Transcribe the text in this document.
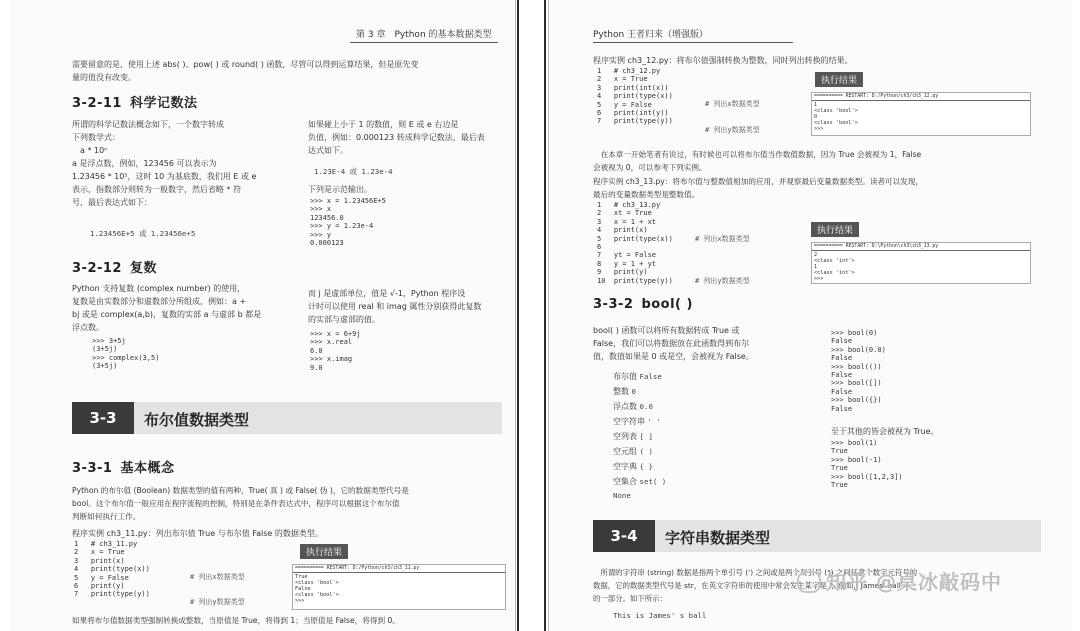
第 3 章　Python 的基本数据类型
需要留意的是，使用上述 abs( )、pow( ) 或 round( ) 函数，尽管可以得到运算结果，但是原先变
量的值没有改变。
3-2-11 科学记数法
所谓的科学记数法概念如下，一个数字转成
下列数学式：
　a * 10ⁿ
a 是浮点数，例如，123456 可以表示为
1.23456 * 10⁵，这时 10 为基底数，我们用 E 或 e
表示，指数部分则转为一般数字，然后省略 * 符
号，最后表达式如下：
1.23456E+5 或 1.23456e+5
如果碰上小于 1 的数值，则 E 或 e 右边是
负值，例如：0.000123 转成科学记数法，最后表
达式如下。
1.23E-4 或 1.23e-4
下列是示范输出。
>>> x = 1.23456E+5
>>> x
123456.0
>>> y = 1.23e-4
>>> y
0.000123
3-2-12 复数
Python 支持复数 (complex number) 的使用，
复数是由实数部分和虚数部分所组成，例如：a +
bj 或是 complex(a,b)，复数的实部 a 与虚部 b 都是
浮点数。
>>> 3+5j
(3+5j)
>>> complex(3,5)
(3+5j)
而 j 是虚部单位，值是 √-1，Python 程序设
计时可以使用 real 和 imag 属性分别获得此复数
的实部与虚部的值。
>>> x = 6+9j
>>> x.real
6.0
>>> x.imag
9.0
3-3	布尔值数据类型
3-3-1 基本概念
Python 的布尔值 (Boolean) 数据类型的值有两种，True( 真 ) 或 False( 伪 )，它的数据类型代号是
bool。这个布尔值一般应用在程序流程的控制，特别是在条件表达式中，程序可以根据这个布尔值
判断如何执行工作。
程序实例 ch3_11.py：列出布尔值 True 与布尔值 False 的数据类型。
1   # ch3_11.py
2   x = True
3   print(x)
4   print(type(x))
5   y = False
6   print(y)
7   print(type(y))
# 列出x数据类型
# 列出y数据类型
执行结果
========== RESTART: D:/Python/ch3/ch3_11.py
True
<class 'bool'>
False
<class 'bool'>
>>>
如果将布尔值数据类型强制转换成整数，当原值是 True，将得到 1；当原值是 False，将得到 0。
Python 王者归来（增强版）
程序实例 ch3_12.py：将布尔值强制转换为整数，同时列出转换的结果。
1   # ch3_12.py
2   x = True
3   print(int(x))
4   print(type(x))
5   y = False
6   print(int(y))
7   print(type(y))
# 列出x数据类型
# 列出y数据类型
执行结果
========== RESTART: D:/Python/ch3/ch3_12.py
1
<class 'bool'>
0
<class 'bool'>
>>>
　在本章一开始笔者有说过，有时候也可以将布尔值当作数值数据，因为 True 会被视为 1，False
会被视为 0，可以参考下列实例。
程序实例 ch3_13.py：将布尔值与整数值相加的应用，并观察最后变量数据类型。读者可以发现，
最后的变量数据类型是整数值。
1   # ch3_13.py
2   xt = True
3   x = 1 + xt
4   print(x)
5   print(type(x))
6
7   yt = False
8   y = 1 + yt
9   print(y)
10  print(type(y))
# 列出x数据类型
# 列出y数据类型
执行结果
========== RESTART: D:\Python\ch3\ch3_13.py
2
<class 'int'>
1
<class 'int'>
>>>
3-3-2 bool( )
bool( ) 函数可以将所有数据转成 True 或
False，我们可以将数据放在此函数得到布尔
值，数值如果是 0 或是空，会被视为 False。
布尔值 False
整数 0
浮点数 0.0
空字符串 ' '
空列表 [ ]
空元组 ( )
空字典 { }
空集合 set( )
None
>>> bool(0)
False
>>> bool(0.0)
False
>>> bool(())
False
>>> bool([])
False
>>> bool({})
False
至于其他的皆会被视为 True。
>>> bool(1)
True
>>> bool(-1)
True
>>> bool([1,2,3])
True
3-4	字符串数据类型
　所谓的字符串 (string) 数据是指两个单引号 (') 之间或是两个双引号 (") 之间任意个数字元符号的
数据，它的数据类型代号是 str，在英文字符串的使用中常会发生某字是 '，例如，James' ball
的一部分。如下所示：
This is James' s ball
知乎 @桌冰敲码中
